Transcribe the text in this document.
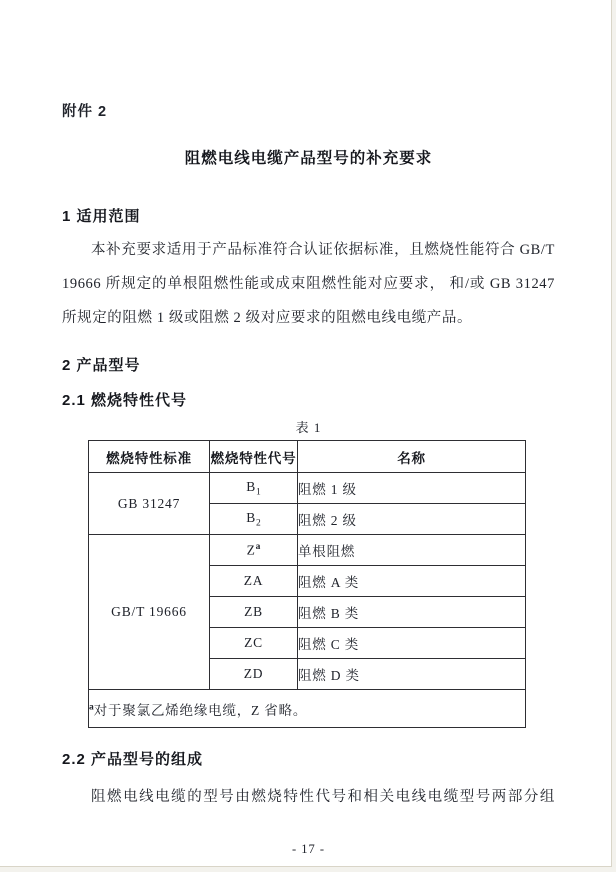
附件 2
阻燃电线电缆产品型号的补充要求
1 适用范围
本补充要求适用于产品标准符合认证依据标准，且燃烧性能符合 GB/T 19666 所规定的单根阻燃性能或成束阻燃性能对应要求， 和/或 GB 31247 所规定的阻燃 1 级或阻燃 2 级对应要求的阻燃电线电缆产品。
2 产品型号
2.1 燃烧特性代号
表 1
燃烧特性标准	燃烧特性代号	名称
GB 31247	$B_1$	阻燃 1 级
	$B_2$	阻燃 2 级
GB/T 19666	$Z^a$	单根阻燃
	ZA	阻燃 A 类
	ZB	阻燃 B 类
	ZC	阻燃 C 类
	ZD	阻燃 D 类
$^a$对于聚氯乙烯绝缘电缆，Z 省略。		
2.2 产品型号的组成
阻燃电线电缆的型号由燃烧特性代号和相关电线电缆型号两部分组
- 17 -
